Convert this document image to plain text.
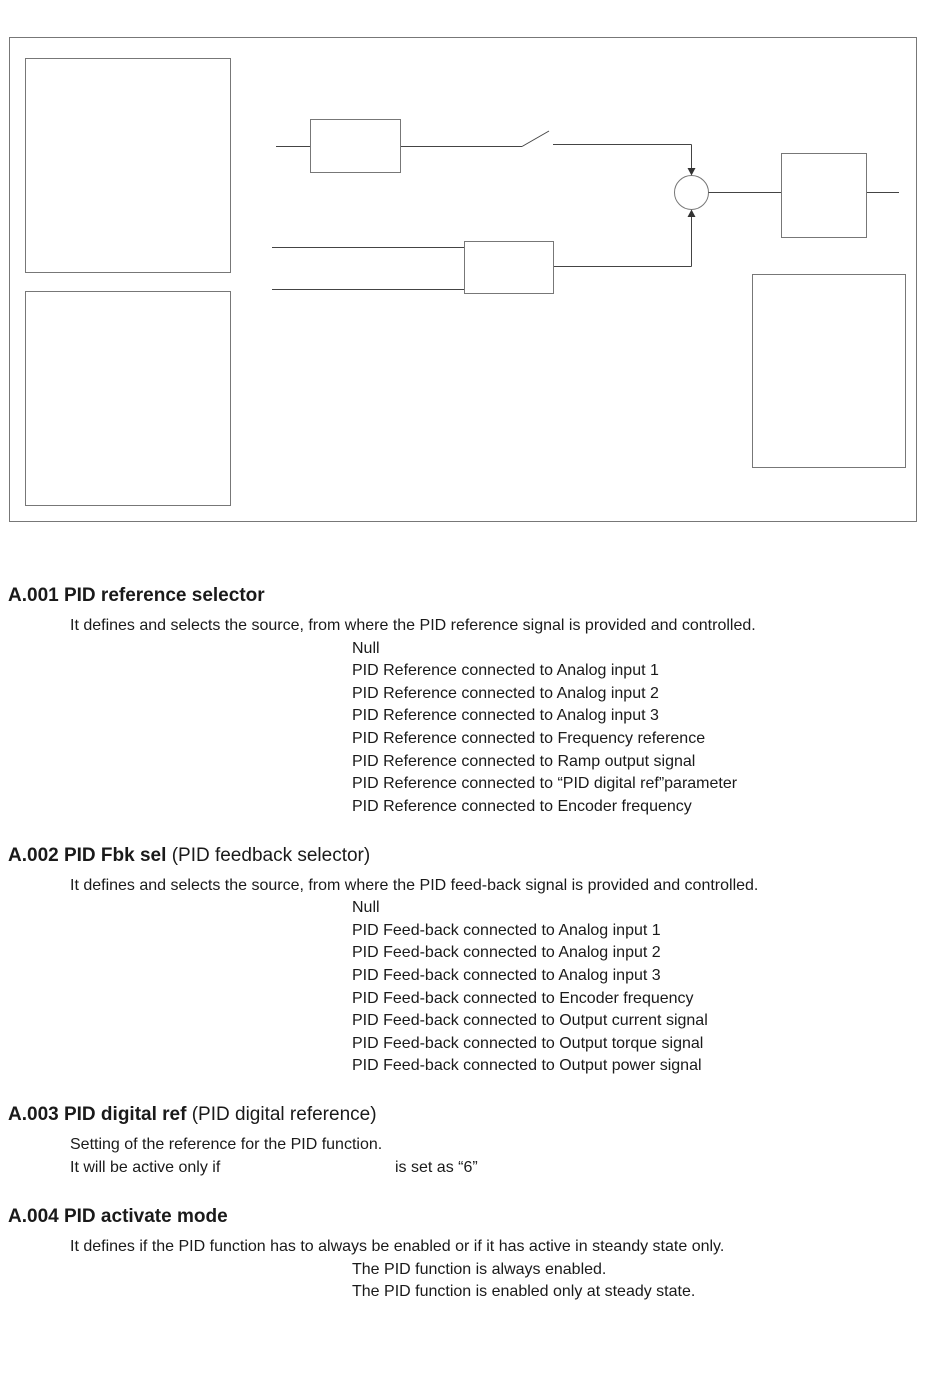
A.001 PID reference selector
It defines and selects the source, from where the PID reference signal is provided and controlled.
Null
PID Reference connected to Analog input 1
PID Reference connected to Analog input 2
PID Reference connected to Analog input 3
PID Reference connected to Frequency reference
PID Reference connected to Ramp output signal
PID Reference connected to “PID digital ref”parameter
PID Reference connected to Encoder frequency
A.002 PID Fbk sel (PID feedback selector)
It defines and selects the source, from where the PID feed-back signal is provided and controlled.
Null
PID Feed-back connected to Analog input 1
PID Feed-back connected to Analog input 2
PID Feed-back connected to Analog input 3
PID Feed-back connected to Encoder frequency
PID Feed-back connected to Output current signal
PID Feed-back connected to Output torque signal
PID Feed-back connected to Output power signal
A.003 PID digital ref (PID digital reference)
Setting of the reference for the PID function.
It will be active only if	is set as “6”
A.004 PID activate mode
It defines if the PID function has to always be enabled or if it has active in steandy state only.
The PID function is always enabled.
The PID function is enabled only at steady state.
